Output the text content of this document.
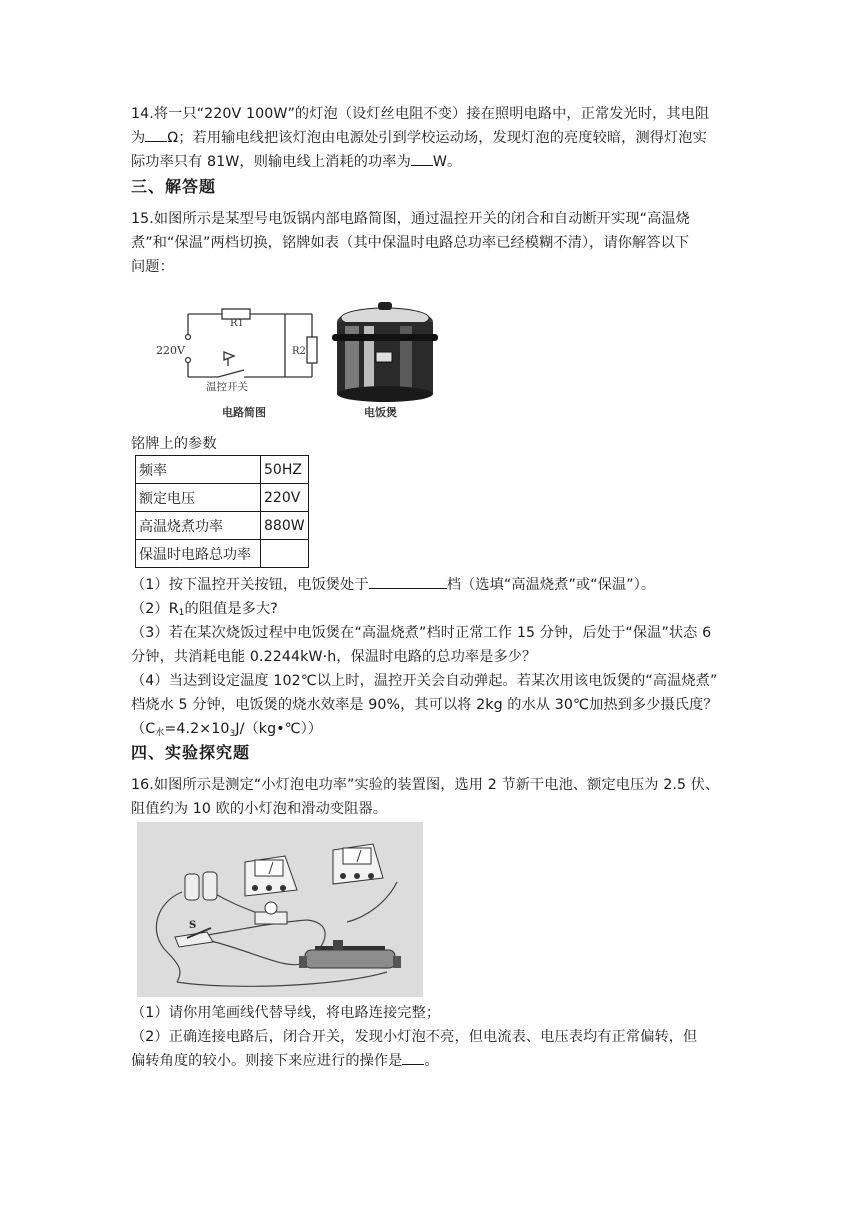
14.将一只“220V 100W”的灯泡（设灯丝电阻不变）接在照明电路中，正常发光时，其电阻
为 Ω；若用输电线把该灯泡由电源处引到学校运动场，发现灯泡的亮度较暗，测得灯泡实
际功率只有 81W，则输电线上消耗的功率为 W。
三、解答题
15.如图所示是某型号电饭锅内部电路简图，通过温控开关的闭合和自动断开实现“高温烧
煮”和“保温”两档切换，铭牌如表（其中保温时电路总功率已经模糊不清），请你解答以下
问题：
R1
R2
220V
温控开关
电路简图	电饭煲
铭牌上的参数
频率	50HZ
额定电压	220V
高温烧煮功率	880W
保温时电路总功率	
（1）按下温控开关按钮，电饭煲处于	档（选填“高温烧煮”或“保温”）。
$(2)R_1$的阻值是多大?
（3）若在某次烧饭过程中电饭煲在“高温烧煮”档时正常工作 15 分钟，后处于“保温”状态 6
分钟，共消耗电能 0.2244kW·h，保温时电路的总功率是多少？
（4）当达到设定温度 102℃以上时，温控开关会自动弹起。若某次用该电饭煲的“高温烧煮”
档烧水 5 分钟，电饭煲的烧水效率是 90%，其可以将 2kg 的水从 30℃加热到多少摄氏度？
$(C_水=4.2\times 10_3J/(kg•℃))$
四、实验探究题
16.如图所示是测定“小灯泡电功率”实验的装置图，选用 2 节新干电池、额定电压为 2.5 伏、
阻值约为 10 欧的小灯泡和滑动变阻器。
S
（1）请你用笔画线代替导线，将电路连接完整；
（2）正确连接电路后，闭合开关，发现小灯泡不亮，但电流表、电压表均有正常偏转，但
偏转角度的较小。则接下来应进行的操作是 。
